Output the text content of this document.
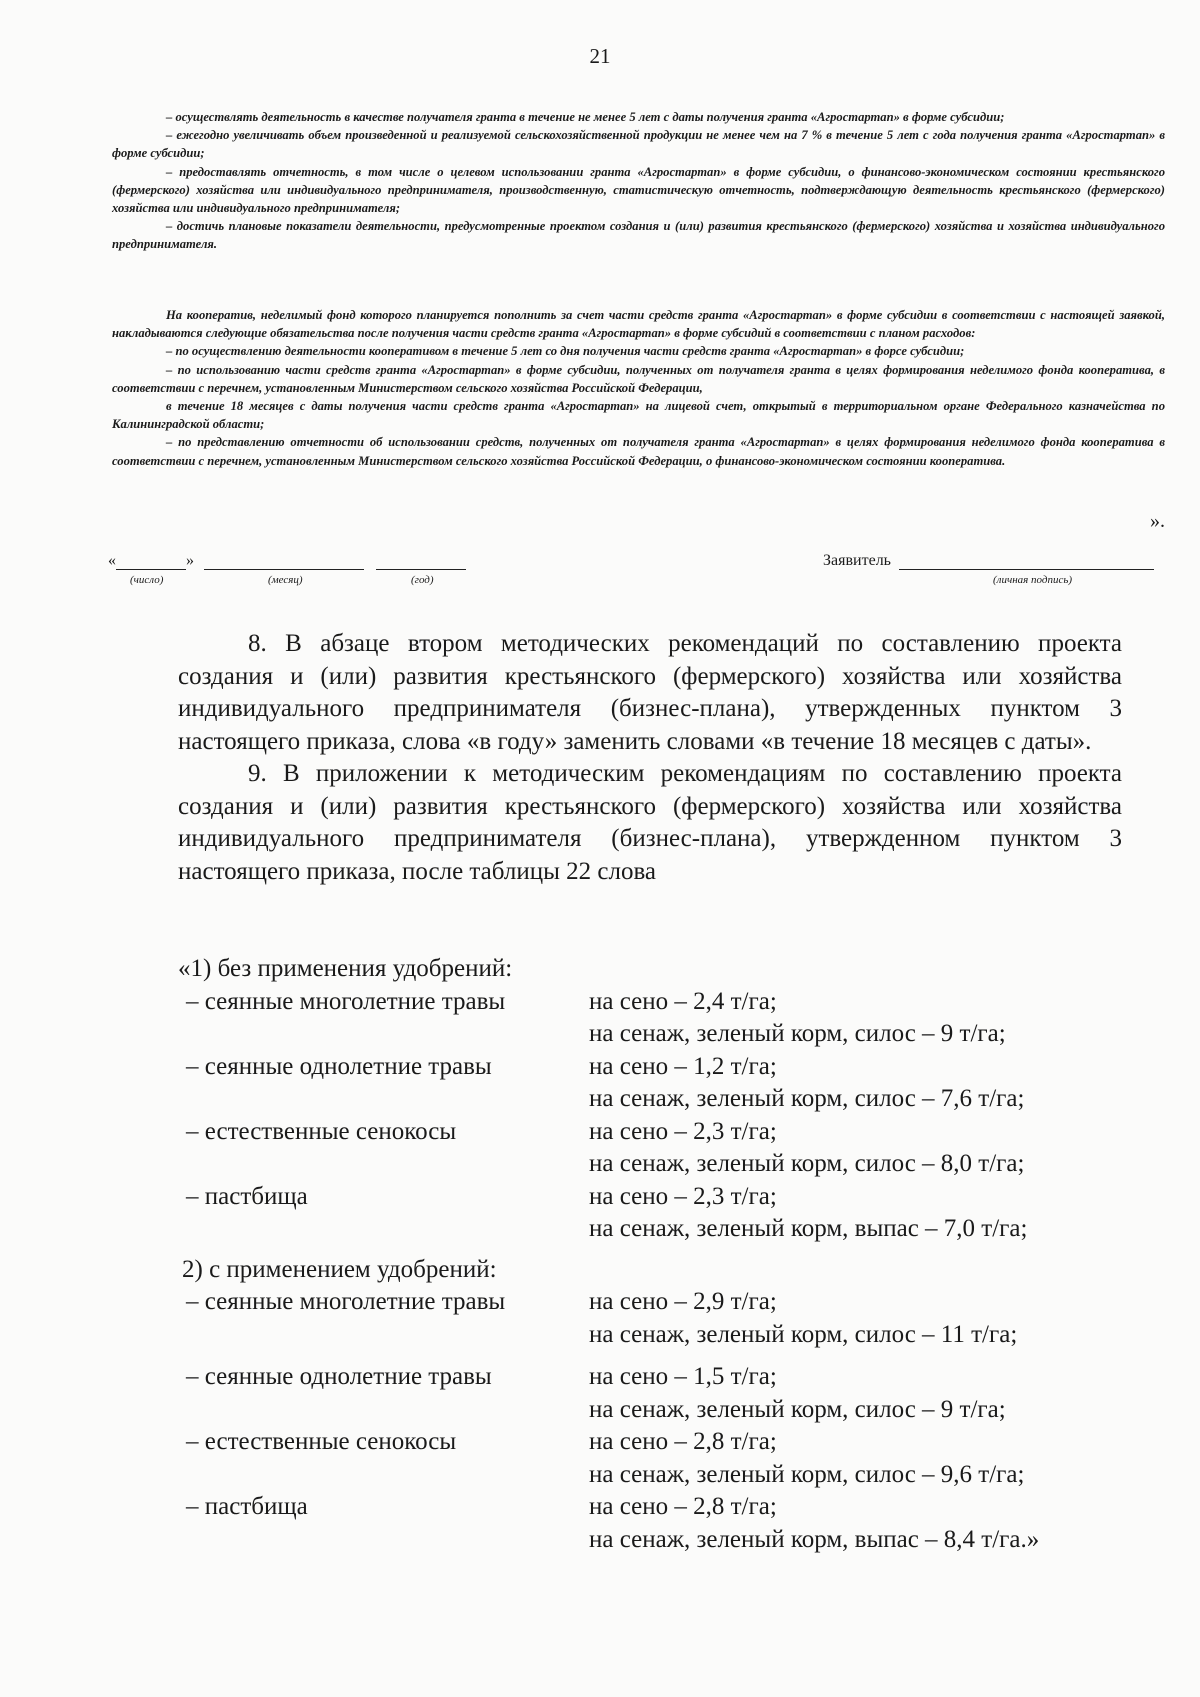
21

– осуществлять деятельность в качестве получателя гранта в течение не менее 5 лет с даты получения гранта «Агростартап» в форме субсидии;

– ежегодно увеличивать объем произведенной и реализуемой сельскохозяйственной продукции не менее чем на 7 % в течение 5 лет с года получения гранта «Агростартап» в форме субсидии;

– предоставлять отчетность, в том числе о целевом использовании гранта «Агростартап» в форме субсидии, о финансово-экономическом состоянии крестьянского (фермерского) хозяйства или индивидуального предпринимателя, производственную, статистическую отчетность, подтверждающую деятельность крестьянского (фермерского) хозяйства или индивидуального предпринимателя;

– достичь плановые показатели деятельности, предусмотренные проектом создания и (или) развития крестьянского (фермерского) хозяйства и хозяйства индивидуального предпринимателя.

На кооператив, неделимый фонд которого планируется пополнить за счет части средств гранта «Агростартап» в форме субсидии в соответствии с настоящей заявкой, накладываются следующие обязательства после получения части средств гранта «Агростартап» в форме субсидий в соответствии с планом расходов:

– по осуществлению деятельности кооперативом в течение 5 лет со дня получения части средств гранта «Агростартап» в форсе субсидии;

– по использованию части средств гранта «Агростартап» в форме субсидии, полученных от получателя гранта в целях формирования неделимого фонда кооператива, в соответствии с перечнем, установленным Министерством сельского хозяйства Российской Федерации,

в течение 18 месяцев с даты получения части средств гранта «Агростартап» на лицевой счет, открытый в территориальном органе Федерального казначейства по Калининградской области;

– по представлению отчетности об использовании средств, полученных от получателя гранта «Агростартап» в целях формирования неделимого фонда кооператива в соответствии с перечнем, установленным Министерством сельского хозяйства Российской Федерации, о финансово-экономическом состоянии кооператива.

».
«	»
(число)	(месяц)	(год)
Заявитель
(личная подпись)

8. В абзаце втором методических рекомендаций по составлению проекта создания и (или) развития крестьянского (фермерского) хозяйства или хозяйства индивидуального предпринимателя (бизнес-плана), утвержденных пунктом 3 настоящего приказа, слова «в году» заменить словами «в течение 18 месяцев с даты».

9. В приложении к методическим рекомендациям по составлению проекта создания и (или) развития крестьянского (фермерского) хозяйства или хозяйства индивидуального предпринимателя (бизнес-плана), утвержденном пунктом 3 настоящего приказа, после таблицы 22 слова

«1) без применения удобрений:
– сеянные многолетние травы	на сено – 2,4 т/га;
на сенаж, зеленый корм, силос – 9 т/га;
– сеянные однолетние травы	на сено – 1,2 т/га;
на сенаж, зеленый корм, силос – 7,6 т/га;
– естественные сенокосы	на сено – 2,3 т/га;
на сенаж, зеленый корм, силос – 8,0 т/га;
– пастбища	на сено – 2,3 т/га;
на сенаж, зеленый корм, выпас – 7,0 т/га;
2) с применением удобрений:
– сеянные многолетние травы	на сено – 2,9 т/га;
на сенаж, зеленый корм, силос – 11 т/га;
– сеянные однолетние травы	на сено – 1,5 т/га;
на сенаж, зеленый корм, силос – 9 т/га;
– естественные сенокосы	на сено – 2,8 т/га;
на сенаж, зеленый корм, силос – 9,6 т/га;
– пастбища	на сено – 2,8 т/га;
на сенаж, зеленый корм, выпас – 8,4 т/га.»
